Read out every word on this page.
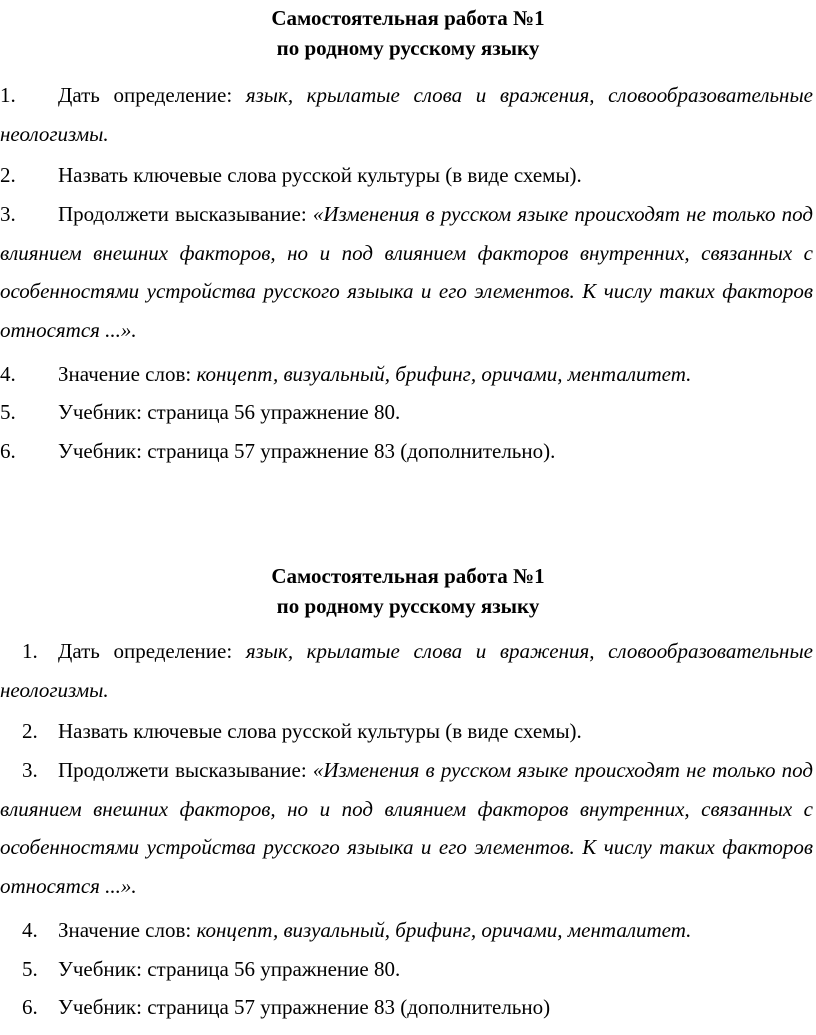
Самостоятельная работа №1
по родному русскому языку
1. Дать определение: язык, крылатые слова и вражения, словообразовательные неологизмы.
2. Назвать ключевые слова русской культуры (в виде схемы).
3. Продолжети высказывание: «Изменения в русском языке происходят не только под влиянием внешних факторов, но и под влиянием факторов внутренних, связанных с особенностями устройства русского языыка и его элементов. К числу таких факторов относятся ...».
4. Значение слов: концепт, визуальный, брифинг, оричами, менталитет.
5. Учебник: страница 56 упражнение 80.
6. Учебник: страница 57 упражнение 83 (дополнительно).
Самостоятельная работа №1
по родному русскому языку
1. Дать определение: язык, крылатые слова и вражения, словообразовательные неологизмы.
2. Назвать ключевые слова русской культуры (в виде схемы).
3. Продолжети высказывание: «Изменения в русском языке происходят не только под влиянием внешних факторов, но и под влиянием факторов внутренних, связанных с особенностями устройства русского языыка и его элементов. К числу таких факторов относятся ...».
4. Значение слов: концепт, визуальный, брифинг, оричами, менталитет.
5. Учебник: страница 56 упражнение 80.
6. Учебник: страница 57 упражнение 83 (дополнительно)
